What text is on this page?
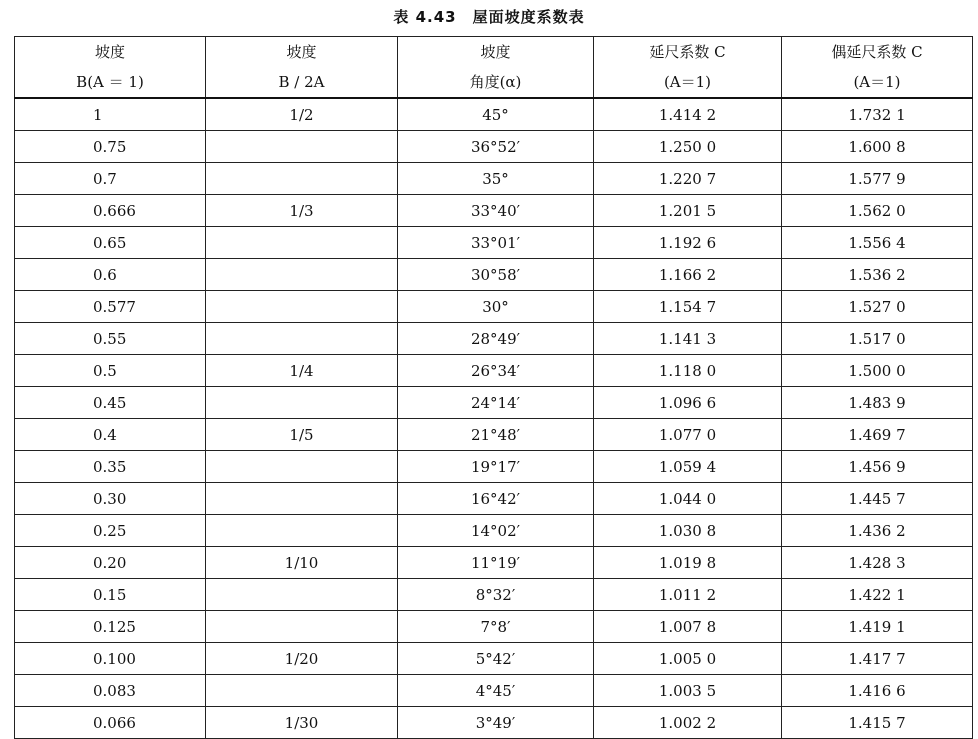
表 4.43　屋面坡度系数表
坡度	坡度	坡度	延尺系数 C	偶延尺系数 C
B(A ＝ 1)	B ∕ 2A	角度(α)	(A＝1)	(A＝1)
1	1/2	45°	1.414 2	1.732 1
0.75		36°52′	1.250 0	1.600 8
0.7		35°	1.220 7	1.577 9
0.666	1/3	33°40′	1.201 5	1.562 0
0.65		33°01′	1.192 6	1.556 4
0.6		30°58′	1.166 2	1.536 2
0.577		30°	1.154 7	1.527 0
0.55		28°49′	1.141 3	1.517 0
0.5	1/4	26°34′	1.118 0	1.500 0
0.45		24°14′	1.096 6	1.483 9
0.4	1/5	21°48′	1.077 0	1.469 7
0.35		19°17′	1.059 4	1.456 9
0.30		16°42′	1.044 0	1.445 7
0.25		14°02′	1.030 8	1.436 2
0.20	1/10	11°19′	1.019 8	1.428 3
0.15		8°32′	1.011 2	1.422 1
0.125		7°8′	1.007 8	1.419 1
0.100	1/20	5°42′	1.005 0	1.417 7
0.083		4°45′	1.003 5	1.416 6
0.066	1/30	3°49′	1.002 2	1.415 7
